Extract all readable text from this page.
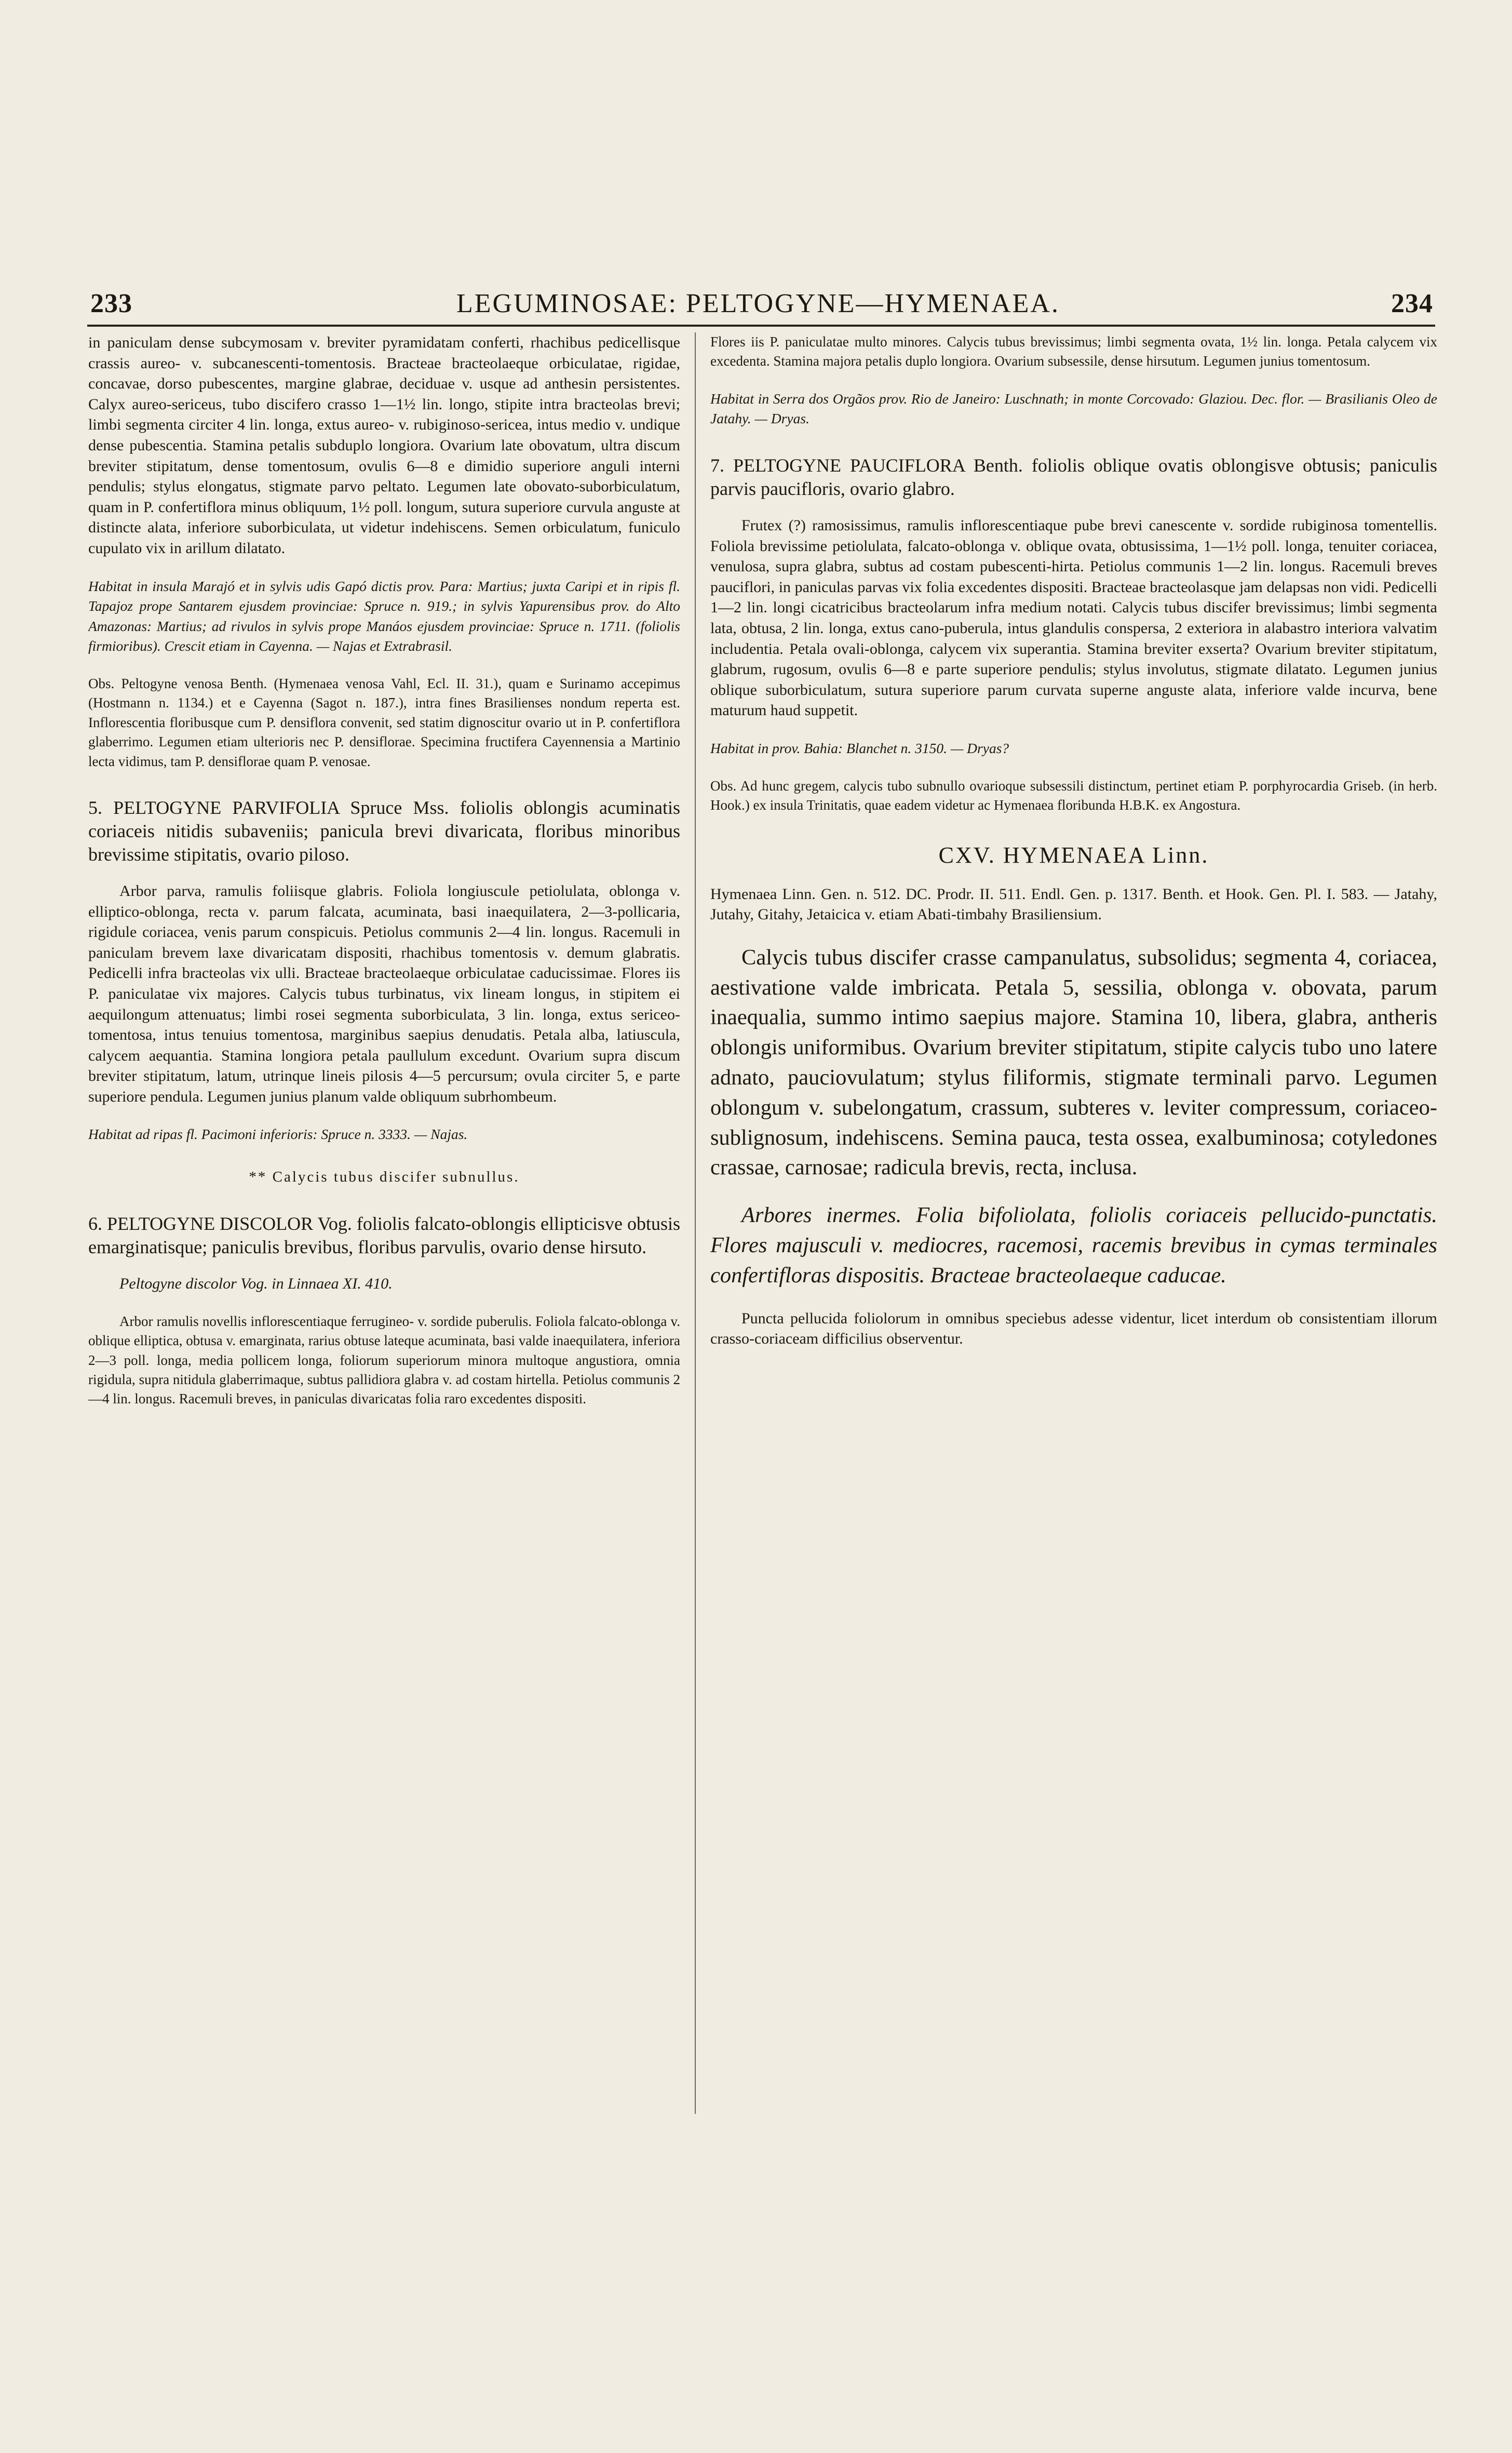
233	LEGUMINOSAE: PELTOGYNE—HYMENAEA.	234

in paniculam dense subcymosam v. breviter pyramidatam conferti, rhachibus pedicellisque crassis aureo- v. subcanescenti-tomentosis. Bracteae bracteolaeque orbiculatae, rigidae, concavae, dorso pubescentes, margine glabrae, deciduae v. usque ad anthesin persistentes. Calyx aureo-sericeus, tubo discifero crasso 1—1½ lin. longo, stipite intra bracteolas brevi; limbi segmenta circiter 4 lin. longa, extus aureo- v. rubiginoso-sericea, intus medio v. undique dense pubescentia. Stamina petalis subduplo longiora. Ovarium late obovatum, ultra discum breviter stipitatum, dense tomentosum, ovulis 6—8 e dimidio superiore anguli interni pendulis; stylus elongatus, stigmate parvo peltato. Legumen late obovato-suborbiculatum, quam in P. confertiflora minus obliquum, 1½ poll. longum, sutura superiore curvula anguste at distincte alata, inferiore suborbiculata, ut videtur indehiscens. Semen orbiculatum, funiculo cupulato vix in arillum dilatato.

Habitat in insula Marajó et in sylvis udis Gapó dictis prov. Para: Martius; juxta Caripi et in ripis fl. Tapajoz prope Santarem ejusdem provinciae: Spruce n. 919.; in sylvis Yapurensibus prov. do Alto Amazonas: Martius; ad rivulos in sylvis prope Manáos ejusdem provinciae: Spruce n. 1711. (foliolis firmioribus). Crescit etiam in Cayenna. — Najas et Extrabrasil.

Obs. Peltogyne venosa Benth. (Hymenaea venosa Vahl, Ecl. II. 31.), quam e Surinamo accepimus (Hostmann n. 1134.) et e Cayenna (Sagot n. 187.), intra fines Brasilienses nondum reperta est. Inflorescentia floribusque cum P. densiflora convenit, sed statim dignoscitur ovario ut in P. confertiflora glaberrimo. Legumen etiam ulterioris nec P. densiflorae. Specimina fructifera Cayennensia a Martinio lecta vidimus, tam P. densiflorae quam P. venosae.

5. PELTOGYNE PARVIFOLIA Spruce Mss. foliolis oblongis acuminatis coriaceis nitidis subaveniis; panicula brevi divaricata, floribus minoribus brevissime stipitatis, ovario piloso.

Arbor parva, ramulis foliisque glabris. Foliola longiuscule petiolulata, oblonga v. elliptico-oblonga, recta v. parum falcata, acuminata, basi inaequilatera, 2—3-pollicaria, rigidule coriacea, venis parum conspicuis. Petiolus communis 2—4 lin. longus. Racemuli in paniculam brevem laxe divaricatam dispositi, rhachibus tomentosis v. demum glabratis. Pedicelli infra bracteolas vix ulli. Bracteae bracteolaeque orbiculatae caducissimae. Flores iis P. paniculatae vix majores. Calycis tubus turbinatus, vix lineam longus, in stipitem ei aequilongum attenuatus; limbi rosei segmenta suborbiculata, 3 lin. longa, extus sericeo-tomentosa, intus tenuius tomentosa, marginibus saepius denudatis. Petala alba, latiuscula, calycem aequantia. Stamina longiora petala paullulum excedunt. Ovarium supra discum breviter stipitatum, latum, utrinque lineis pilosis 4—5 percursum; ovula circiter 5, e parte superiore pendula. Legumen junius planum valde obliquum subrhombeum.

Habitat ad ripas fl. Pacimoni inferioris: Spruce n. 3333. — Najas.

** Calycis tubus discifer subnullus.

6. PELTOGYNE DISCOLOR Vog. foliolis falcato-oblongis ellipticisve obtusis emarginatisque; paniculis brevibus, floribus parvulis, ovario dense hirsuto.

Peltogyne discolor Vog. in Linnaea XI. 410.

Arbor ramulis novellis inflorescentiaque ferrugineo- v. sordide puberulis. Foliola falcato-oblonga v. oblique elliptica, obtusa v. emarginata, rarius obtuse lateque acuminata, basi valde inaequilatera, inferiora 2—3 poll. longa, media pollicem longa, foliorum superiorum minora multoque angustiora, omnia rigidula, supra nitidula glaberrimaque, subtus pallidiora glabra v. ad costam hirtella. Petiolus communis 2—4 lin. longus. Racemuli breves, in paniculas divaricatas folia raro excedentes dispositi.

Flores iis P. paniculatae multo minores. Calycis tubus brevissimus; limbi segmenta ovata, 1½ lin. longa. Petala calycem vix excedenta. Stamina majora petalis duplo longiora. Ovarium subsessile, dense hirsutum. Legumen junius tomentosum.

Habitat in Serra dos Orgãos prov. Rio de Janeiro: Luschnath; in monte Corcovado: Glaziou. Dec. flor. — Brasilianis Oleo de Jatahy. — Dryas.

7. PELTOGYNE PAUCIFLORA Benth. foliolis oblique ovatis oblongisve obtusis; paniculis parvis paucifloris, ovario glabro.

Frutex (?) ramosissimus, ramulis inflorescentiaque pube brevi canescente v. sordide rubiginosa tomentellis. Foliola brevissime petiolulata, falcato-oblonga v. oblique ovata, obtusissima, 1—1½ poll. longa, tenuiter coriacea, venulosa, supra glabra, subtus ad costam pubescenti-hirta. Petiolus communis 1—2 lin. longus. Racemuli breves pauciflori, in paniculas parvas vix folia excedentes dispositi. Bracteae bracteolasque jam delapsas non vidi. Pedicelli 1—2 lin. longi cicatricibus bracteolarum infra medium notati. Calycis tubus discifer brevissimus; limbi segmenta lata, obtusa, 2 lin. longa, extus cano-puberula, intus glandulis conspersa, 2 exteriora in alabastro interiora valvatim includentia. Petala ovali-oblonga, calycem vix superantia. Stamina breviter exserta? Ovarium breviter stipitatum, glabrum, rugosum, ovulis 6—8 e parte superiore pendulis; stylus involutus, stigmate dilatato. Legumen junius oblique suborbiculatum, sutura superiore parum curvata superne anguste alata, inferiore valde incurva, bene maturum haud suppetit.

Habitat in prov. Bahia: Blanchet n. 3150. — Dryas?

Obs. Ad hunc gregem, calycis tubo subnullo ovarioque subsessili distinctum, pertinet etiam P. porphyrocardia Griseb. (in herb. Hook.) ex insula Trinitatis, quae eadem videtur ac Hymenaea floribunda H.B.K. ex Angostura.

CXV. HYMENAEA Linn.

Hymenaea Linn. Gen. n. 512. DC. Prodr. II. 511. Endl. Gen. p. 1317. Benth. et Hook. Gen. Pl. I. 583. — Jatahy, Jutahy, Gitahy, Jetaicica v. etiam Abati-timbahy Brasiliensium.

Calycis tubus discifer crasse campanulatus, subsolidus; segmenta 4, coriacea, aestivatione valde imbricata. Petala 5, sessilia, oblonga v. obovata, parum inaequalia, summo intimo saepius majore. Stamina 10, libera, glabra, antheris oblongis uniformibus. Ovarium breviter stipitatum, stipite calycis tubo uno latere adnato, pauciovulatum; stylus filiformis, stigmate terminali parvo. Legumen oblongum v. subelongatum, crassum, subteres v. leviter compressum, coriaceo-sublignosum, indehiscens. Semina pauca, testa ossea, exalbuminosa; cotyledones crassae, carnosae; radicula brevis, recta, inclusa.

Arbores inermes. Folia bifoliolata, foliolis coriaceis pellucido-punctatis. Flores majusculi v. mediocres, racemosi, racemis brevibus in cymas terminales confertifloras dispositis. Bracteae bracteolaeque caducae.

Puncta pellucida foliolorum in omnibus speciebus adesse videntur, licet interdum ob consistentiam illorum crasso-coriaceam difficilius observentur.
